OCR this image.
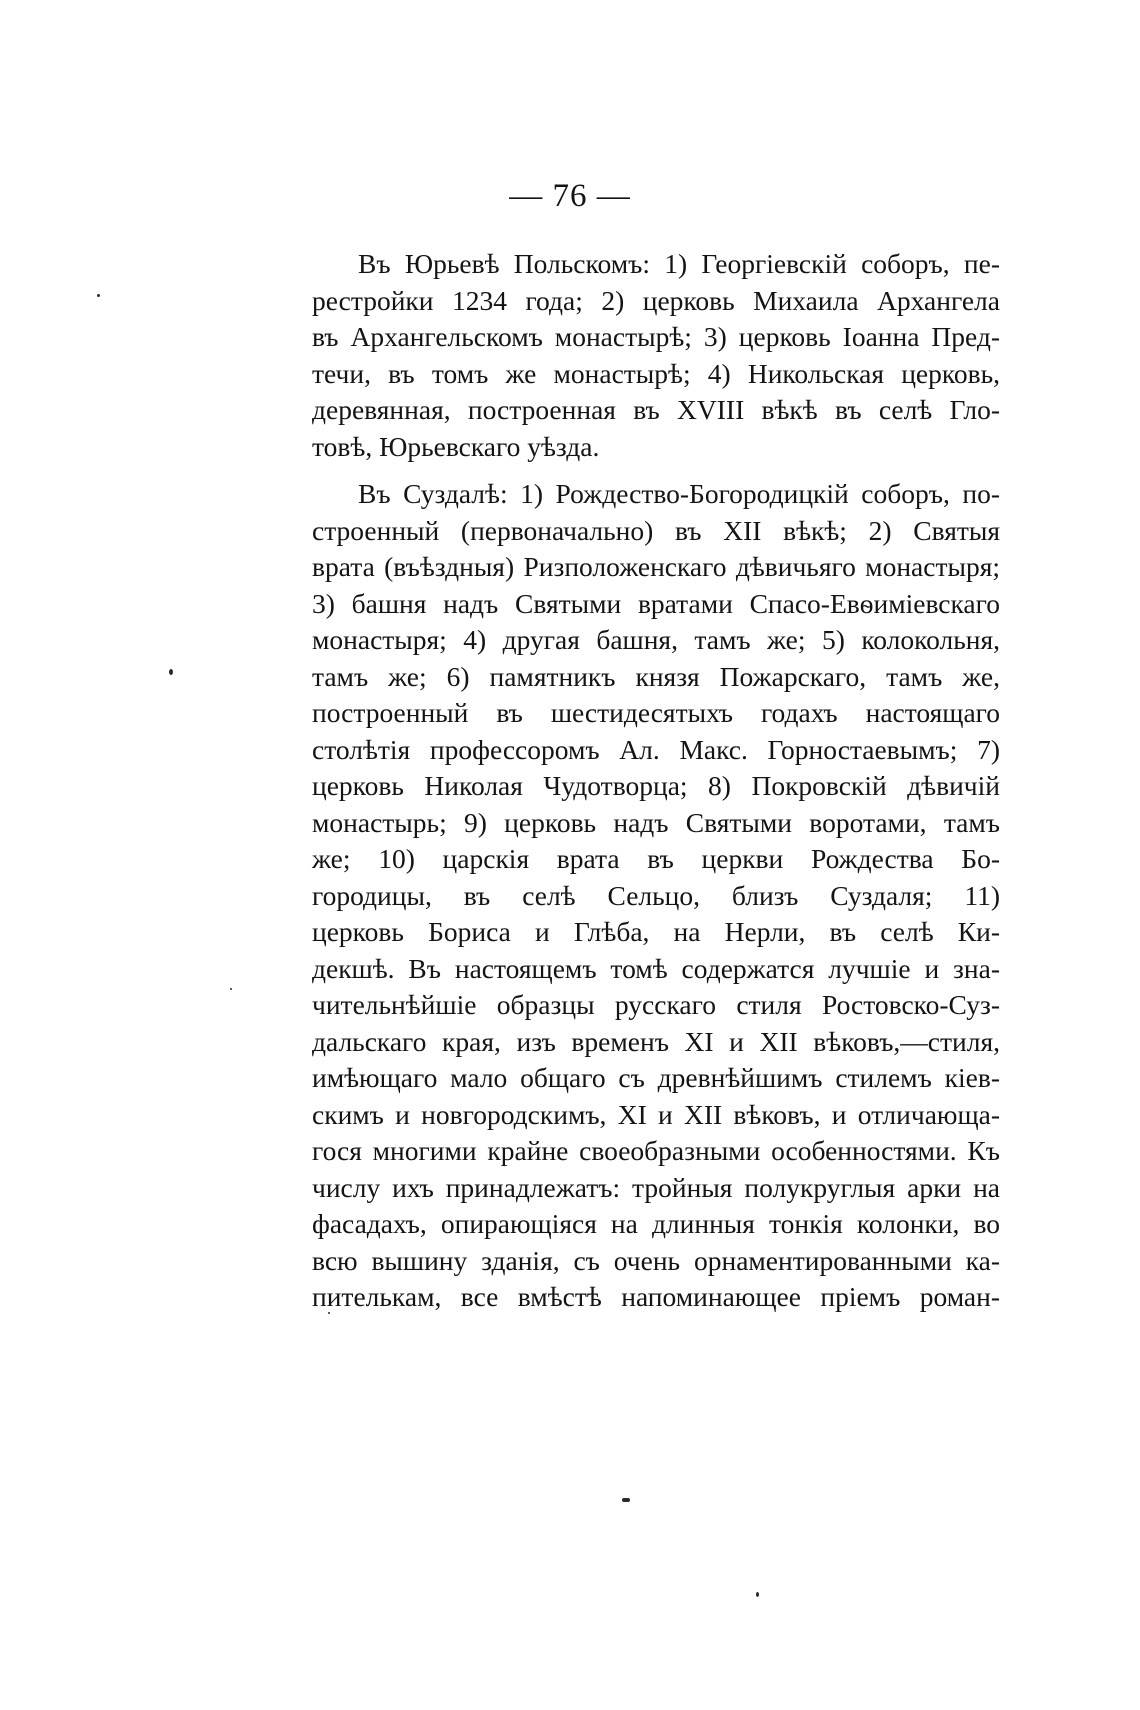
— 76 —
Въ Юрьевѣ Польскомъ: 1) Георгіевскій соборъ, пе-
рестройки 1234 года; 2) церковь Михаила Архангела
въ Архангельскомъ монастырѣ; 3) церковь Іоанна Пред-
течи, въ томъ же монастырѣ; 4) Никольская церковь,
деревянная, построенная въ XVIII вѣкѣ въ селѣ Гло-
товѣ, Юрьевскаго уѣзда.
Въ Суздалѣ: 1) Рождество-Богородицкій соборъ, по-
строенный (первоначально) въ XII вѣкѣ; 2) Святыя
врата (въѣздныя) Ризположенскаго дѣвичьяго монастыря;
3) башня надъ Святыми вратами Спасо-Евѳиміевскаго
монастыря; 4) другая башня, тамъ же; 5) колокольня,
тамъ же; 6) памятникъ князя Пожарскаго, тамъ же,
построенный въ шестидесятыхъ годахъ настоящаго
столѣтія профессоромъ Ал. Макс. Горностаевымъ; 7)
церковь Николая Чудотворца; 8) Покровскій дѣвичій
монастырь; 9) церковь надъ Святыми воротами, тамъ
же; 10) царскія врата въ церкви Рождества Бо-
городицы, въ селѣ Сельцо, близъ Суздаля; 11)
церковь Бориса и Глѣба, на Нерли, въ селѣ Ки-
декшѣ. Въ настоящемъ томѣ содержатся лучшіе и зна-
чительнѣйшіе образцы русскаго стиля Ростовско-Суз-
дальскаго края, изъ временъ XI и XII вѣковъ,—стиля,
имѣющаго мало общаго съ древнѣйшимъ стилемъ кіев-
скимъ и новгородскимъ, XI и XII вѣковъ, и отличающа-
гося многими крайне своеобразными особенностями. Къ
числу ихъ принадлежатъ: тройныя полукруглыя арки на
фасадахъ, опирающіяся на длинныя тонкія колонки, во
всю вышину зданія, съ очень орнаментированными ка-
пителькам, все вмѣстѣ напоминающее пріемъ роман-
